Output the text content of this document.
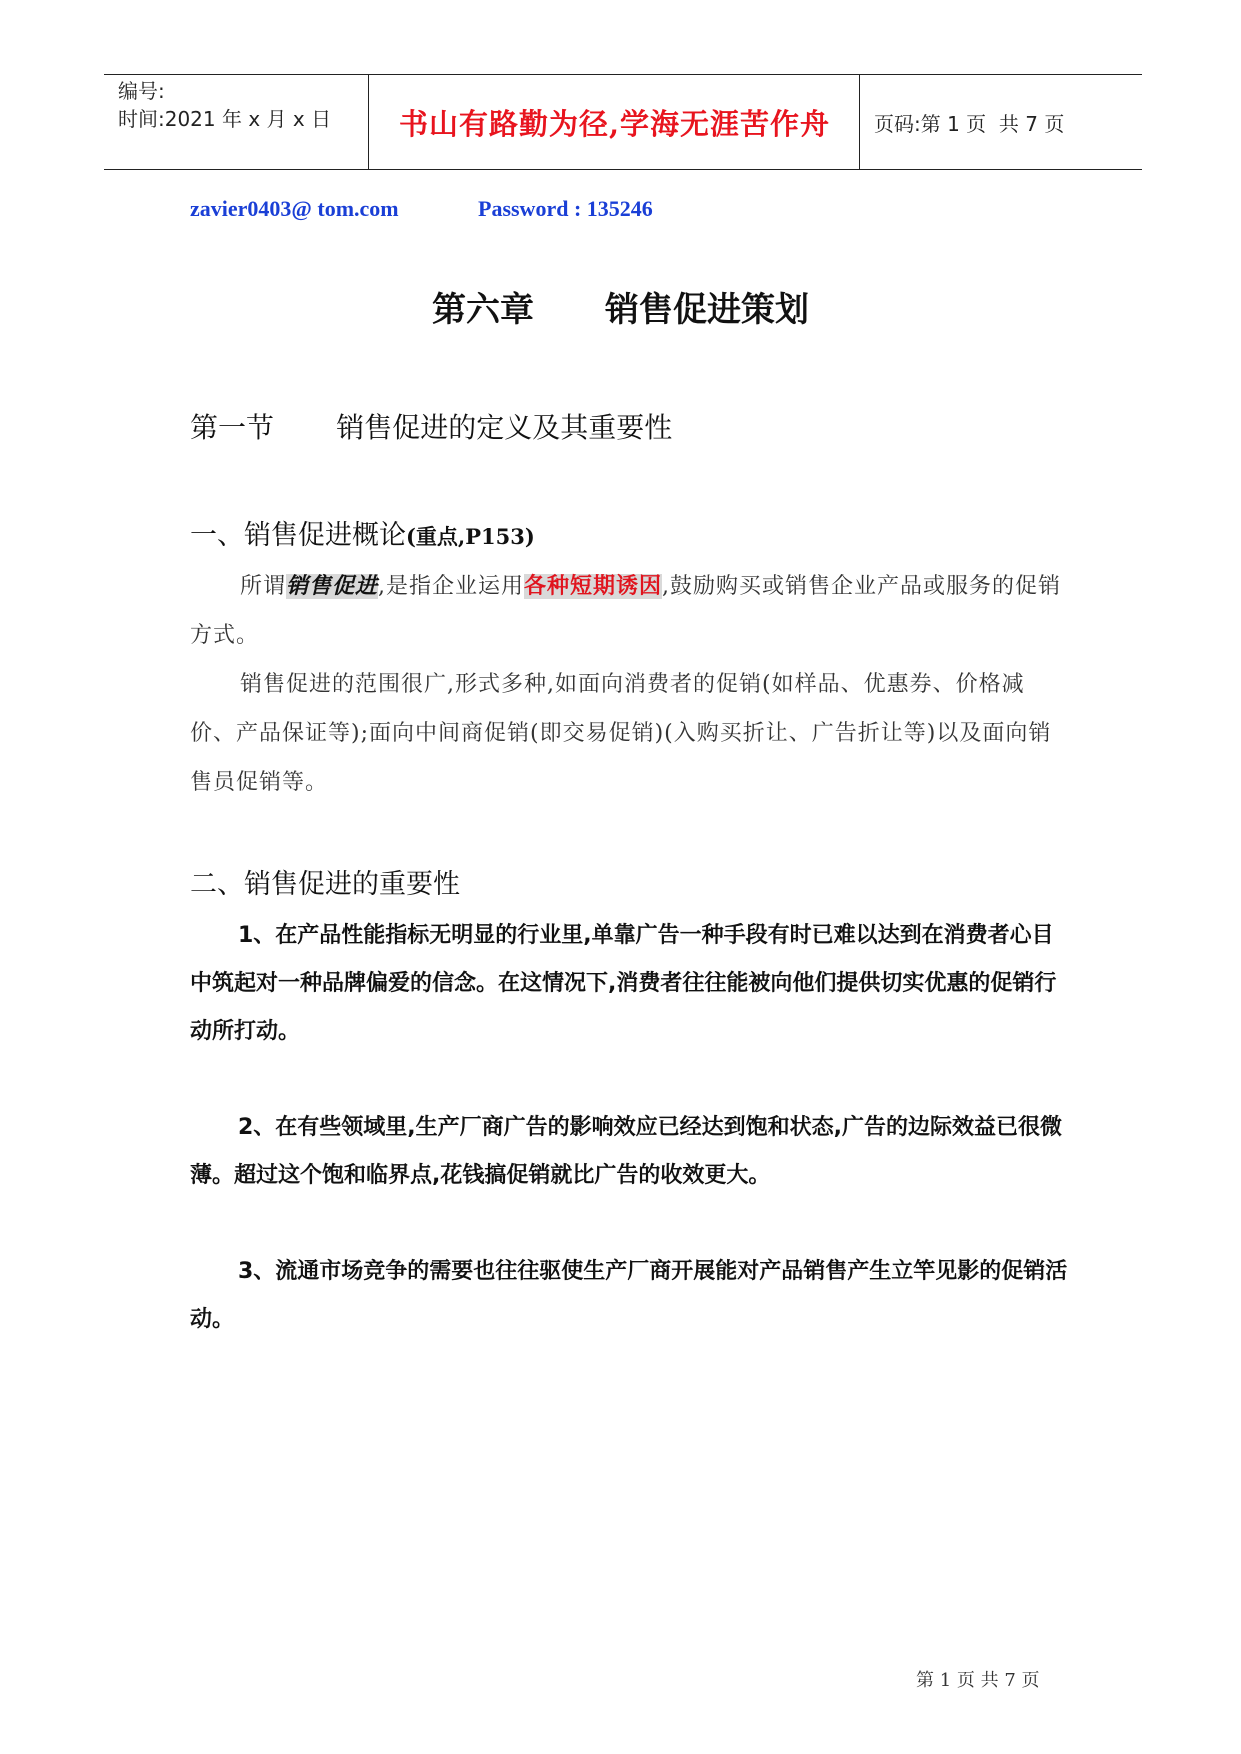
编号:
时间:2021 年 x 月 x 日	书山有路勤为径,学海无涯苦作舟	页码:第 1 页  共 7 页
zavier0403@ tom.com	Password : 135246
第六章      销售促进策划
第一节       销售促进的定义及其重要性
一、销售促进概论(重点,P153)
所谓销售促进,是指企业运用各种短期诱因,鼓励购买或销售企业产品或服务的促销方式。
销售促进的范围很广,形式多种,如面向消费者的促销(如样品、优惠券、价格减价、产品保证等);面向中间商促销(即交易促销)(入购买折让、广告折让等)以及面向销售员促销等。
二、销售促进的重要性
1、在产品性能指标无明显的行业里,单靠广告一种手段有时已难以达到在消费者心目中筑起对一种品牌偏爱的信念。在这情况下,消费者往往能被向他们提供切实优惠的促销行动所打动。
2、在有些领域里,生产厂商广告的影响效应已经达到饱和状态,广告的边际效益已很微薄。超过这个饱和临界点,花钱搞促销就比广告的收效更大。
3、流通市场竞争的需要也往往驱使生产厂商开展能对产品销售产生立竿见影的促销活动。
第 1 页 共 7 页
